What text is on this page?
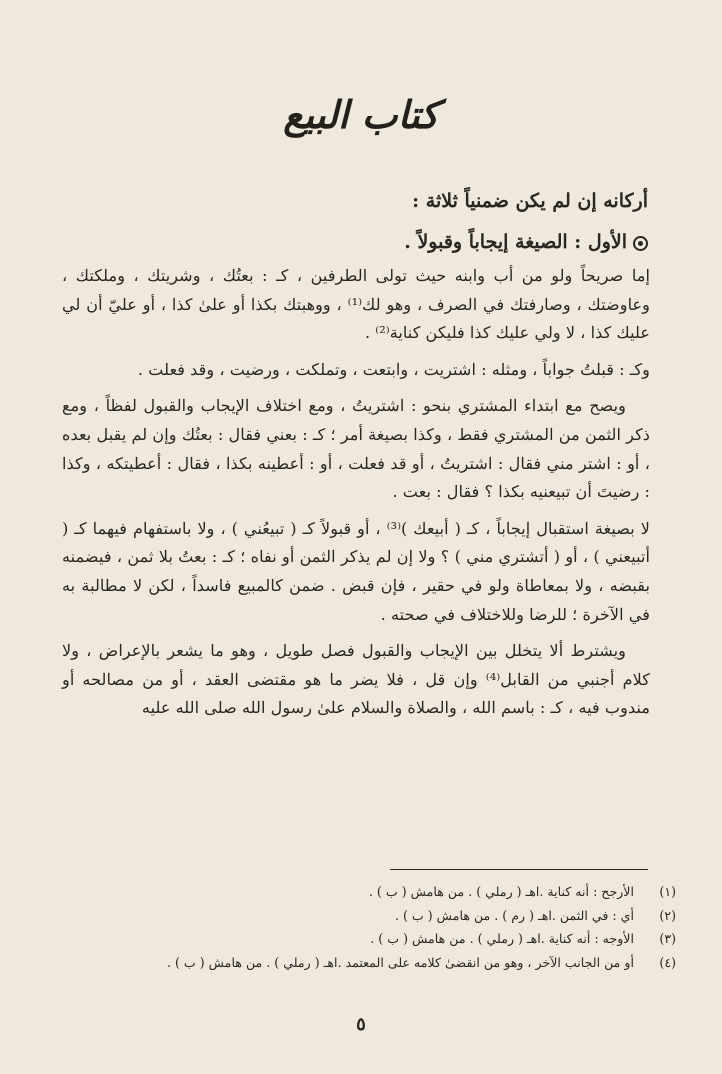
كتاب البيع
أركانه إن لم يكن ضمنياً ثلاثة :
الأول : الصيغة إيجاباً وقبولاً .

إما صريحاً ولو من أب وابنه حيث تولى الطرفين ، كـ : بعتُك ، وشريتك ، وملكتك ، وعاوضتك ، وصارفتك في الصرف ، وهو لك⁽¹⁾ ، ووهبتك بكذا أو علىٰ كذا ، أو عليّ أن لي عليك كذا ، لا ولي عليك كذا فليكن كناية⁽²⁾ .

وكـ : قبلتُ جواباً ، ومثله : اشتريت ، وابتعت ، وتملكت ، ورضيت ، وقد فعلت .

ويصح مع ابتداء المشتري بنحو : اشتريتُ ، ومع اختلاف الإيجاب والقبول لفظاً ، ومع ذكر الثمن من المشتري فقط ، وكذا بصيغة أمر ؛ كـ : بعني فقال : بعتُك وإن لم يقبل بعده ، أو : اشتر مني فقال : اشتريتُ ، أو قد فعلت ، أو : أعطينه بكذا ، فقال : أعطيتكه ، وكذا : رضيتَ أن تبيعنيه بكذا ؟ فقال : بعت .

لا بصيغة استقبال إيجاباً ، كـ ( أبيعك )⁽³⁾ ، أو قبولاً كـ ( تبيعُني ) ، ولا باستفهام فيهما كـ ( أتبيعني ) ، أو ( أتشتري مني ) ؟ ولا إن لم يذكر الثمن أو نفاه ؛ كـ : بعتُ بلا ثمن ، فيضمنه بقبضه ، ولا بمعاطاة ولو في حقير ، فإن قبض . ضمن كالمبيع فاسداً ، لكن لا مطالبة به في الآخرة ؛ للرضا وللاختلاف في صحته .

ويشترط ألا يتخلل بين الإيجاب والقبول فصل طويل ، وهو ما يشعر بالإعراض ، ولا كلام أجنبي من القابل⁽⁴⁾ وإن قل ، فلا يضر ما هو مقتضى العقد ، أو من مصالحه أو مندوب فيه ، كـ : باسم الله ، والصلاة والسلام علىٰ رسول الله صلى الله عليه

(١)
الأرجح : أنه كناية .اهـ ( رملي ) . من هامش ( ب ) .
(٢)
أي : في الثمن .اهـ ( رم ) . من هامش ( ب ) .
(٣)
الأوجه : أنه كناية .اهـ ( رملي ) . من هامش ( ب ) .
(٤)
أو من الجانب الآخر ، وهو من انقضىٰ كلامه على المعتمد .اهـ ( رملي ) . من هامش ( ب ) .
٥
